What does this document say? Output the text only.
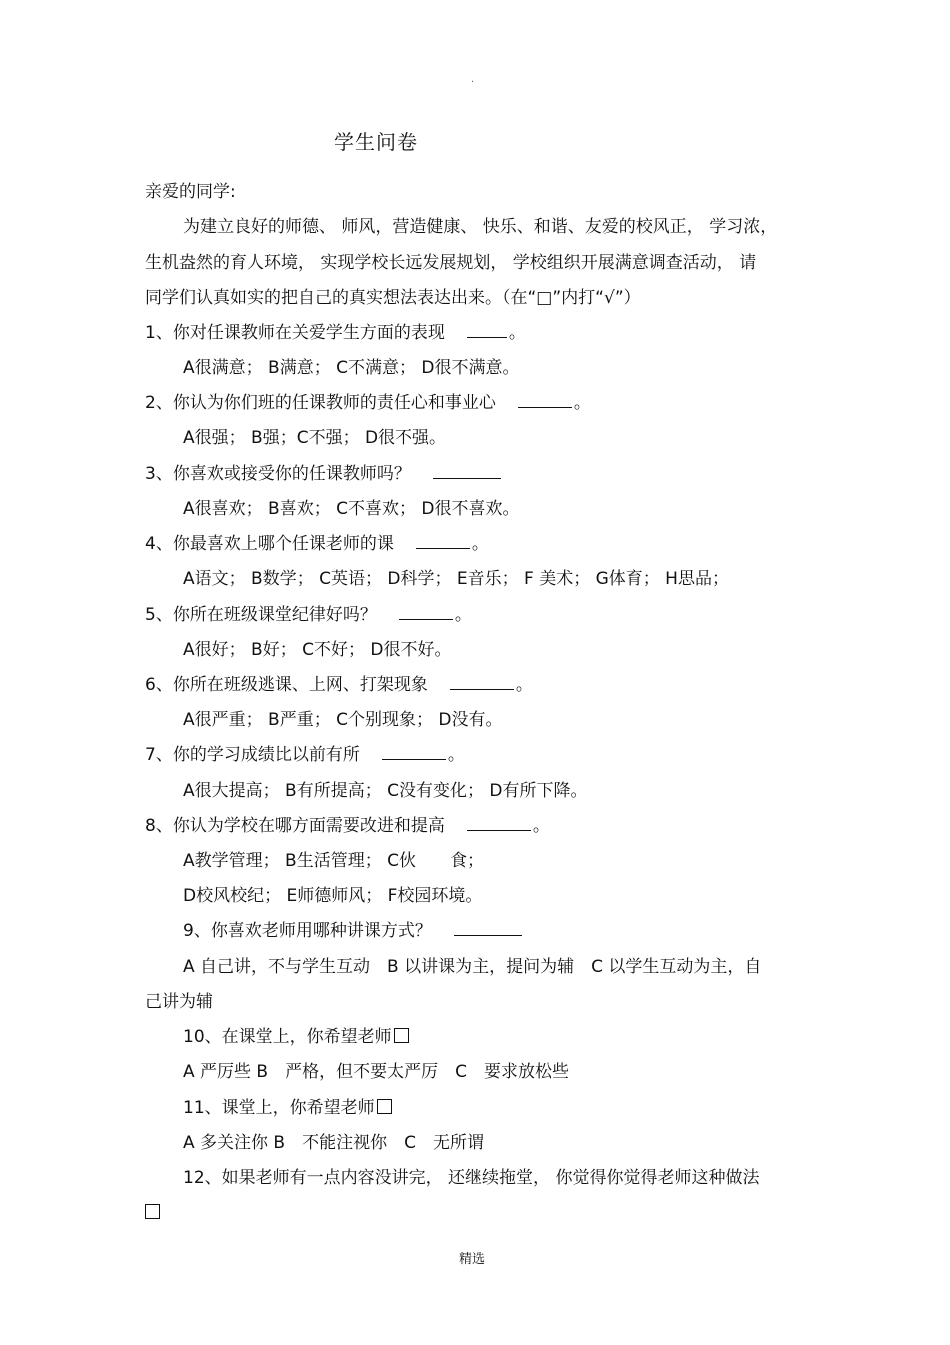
.
学生问卷
亲爱的同学:
为建立良好的师德、 师风，营造健康、 快乐、和谐、友爱的校风正， 学习浓，
生机盎然的育人环境， 实现学校长远发展规划， 学校组织开展满意调查活动， 请
同学们认真如实的把自己的真实想法表达出来。（在“□”内打“√”）
1、你对任课教师在关爱学生方面的表现	。
A很满意； B满意； C不满意； D很不满意。
2、你认为你们班的任课教师的责任心和事业心	。
A很强； B强；C不强； D很不强。
3、你喜欢或接受你的任课教师吗？
A很喜欢； B喜欢； C不喜欢； D很不喜欢。
4、你最喜欢上哪个任课老师的课	。
A语文； B数学； C英语； D科学； E音乐； F 美术； G体育； H思品；
5、你所在班级课堂纪律好吗？	。
A很好； B好； C不好； D很不好。
6、你所在班级逃课、上网、打架现象	。
A很严重； B严重； C个别现象； D没有。
7、你的学习成绩比以前有所	。
A很大提高； B有所提高； C没有变化； D有所下降。
8、你认为学校在哪方面需要改进和提高	。
A教学管理； B生活管理； C伙　　食；
D校风校纪； E师德师风； F校园环境。
9、你喜欢老师用哪种讲课方式？
A 自己讲，不与学生互动　B 以讲课为主，提问为辅　C 以学生互动为主，自
己讲为辅
10、在课堂上，你希望老师
A 严厉些 B　严格，但不要太严厉　C　要求放松些
11、课堂上，你希望老师
A 多关注你 B　不能注视你　C　无所谓
12、如果老师有一点内容没讲完， 还继续拖堂， 你觉得你觉得老师这种做法
精选
